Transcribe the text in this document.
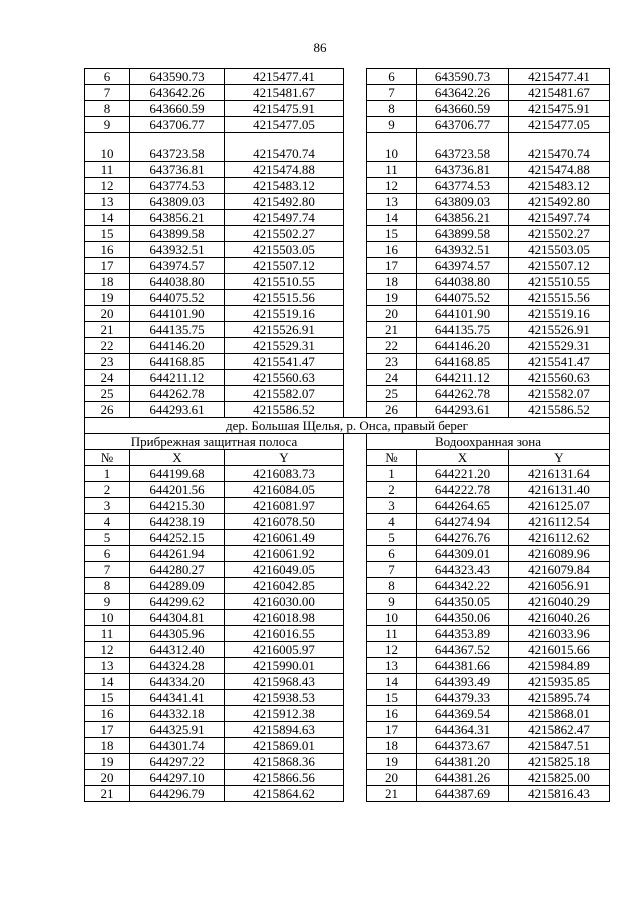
86
6	643590.73	4215477.41		6	643590.73	4215477.41
7	643642.26	4215481.67		7	643642.26	4215481.67
8	643660.59	4215475.91		8	643660.59	4215475.91
9	643706.77	4215477.05		9	643706.77	4215477.05
10	643723.58	4215470.74		10	643723.58	4215470.74
11	643736.81	4215474.88		11	643736.81	4215474.88
12	643774.53	4215483.12		12	643774.53	4215483.12
13	643809.03	4215492.80		13	643809.03	4215492.80
14	643856.21	4215497.74		14	643856.21	4215497.74
15	643899.58	4215502.27		15	643899.58	4215502.27
16	643932.51	4215503.05		16	643932.51	4215503.05
17	643974.57	4215507.12		17	643974.57	4215507.12
18	644038.80	4215510.55		18	644038.80	4215510.55
19	644075.52	4215515.56		19	644075.52	4215515.56
20	644101.90	4215519.16		20	644101.90	4215519.16
21	644135.75	4215526.91		21	644135.75	4215526.91
22	644146.20	4215529.31		22	644146.20	4215529.31
23	644168.85	4215541.47		23	644168.85	4215541.47
24	644211.12	4215560.63		24	644211.12	4215560.63
25	644262.78	4215582.07		25	644262.78	4215582.07
26	644293.61	4215586.52		26	644293.61	4215586.52
дер. Большая Щелья, р. Онса, правый берег						
Прибрежная защитная полоса				Водоохранная зона		
№	X	Y		№	X	Y
1	644199.68	4216083.73		1	644221.20	4216131.64
2	644201.56	4216084.05		2	644222.78	4216131.40
3	644215.30	4216081.97		3	644264.65	4216125.07
4	644238.19	4216078.50		4	644274.94	4216112.54
5	644252.15	4216061.49		5	644276.76	4216112.62
6	644261.94	4216061.92		6	644309.01	4216089.96
7	644280.27	4216049.05		7	644323.43	4216079.84
8	644289.09	4216042.85		8	644342.22	4216056.91
9	644299.62	4216030.00		9	644350.05	4216040.29
10	644304.81	4216018.98		10	644350.06	4216040.26
11	644305.96	4216016.55		11	644353.89	4216033.96
12	644312.40	4216005.97		12	644367.52	4216015.66
13	644324.28	4215990.01		13	644381.66	4215984.89
14	644334.20	4215968.43		14	644393.49	4215935.85
15	644341.41	4215938.53		15	644379.33	4215895.74
16	644332.18	4215912.38		16	644369.54	4215868.01
17	644325.91	4215894.63		17	644364.31	4215862.47
18	644301.74	4215869.01		18	644373.67	4215847.51
19	644297.22	4215868.36		19	644381.20	4215825.18
20	644297.10	4215866.56		20	644381.26	4215825.00
21	644296.79	4215864.62		21	644387.69	4215816.43
